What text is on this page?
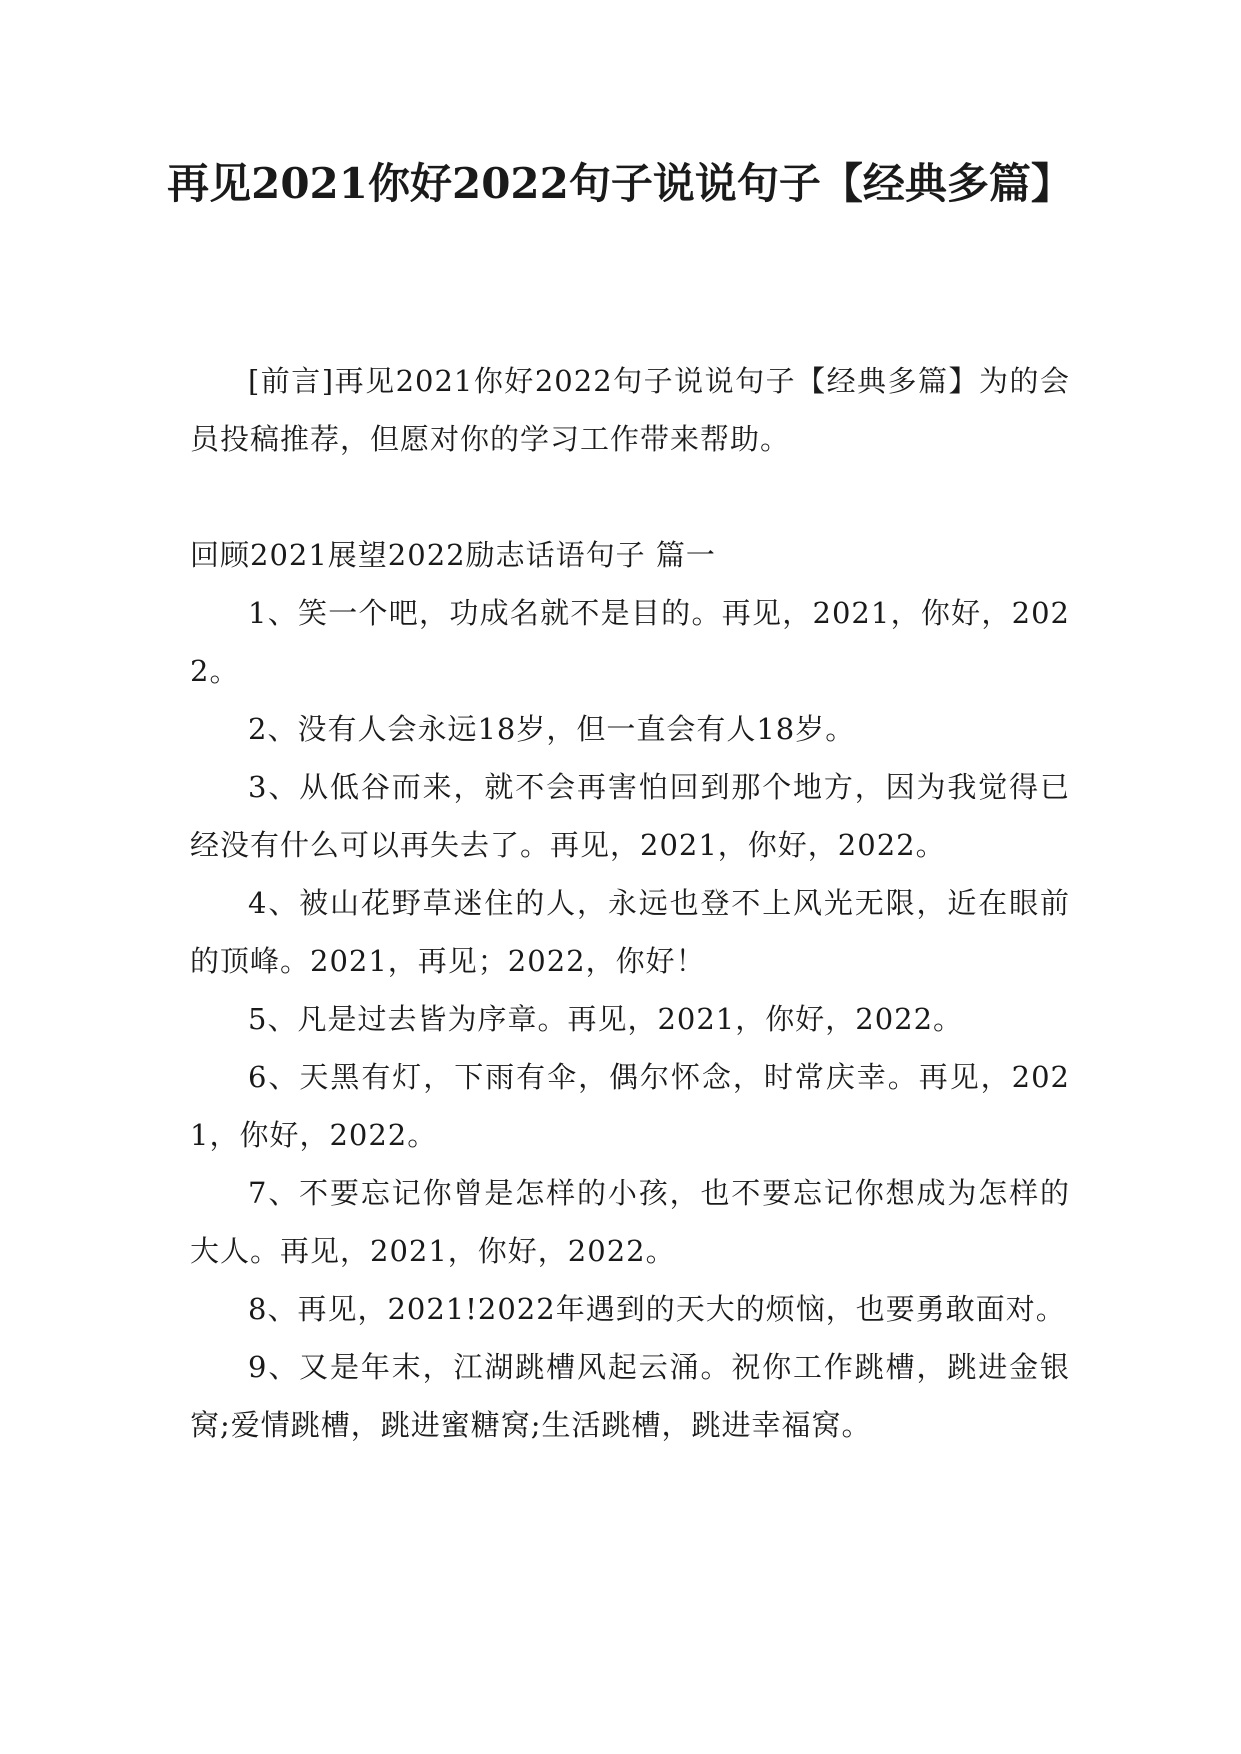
再见2021你好2022句子说说句子【经典多篇】

[前言]再见2021你好2022句子说说句子【经典多篇】为的会员投稿推荐，但愿对你的学习工作带来帮助。

回顾2021展望2022励志话语句子 篇一

1、笑一个吧，功成名就不是目的。再见，2021，你好，2022。

2、没有人会永远18岁，但一直会有人18岁。

3、从低谷而来，就不会再害怕回到那个地方，因为我觉得已经没有什么可以再失去了。再见，2021，你好，2022。

4、被山花野草迷住的人，永远也登不上风光无限，近在眼前的顶峰。2021，再见；2022，你好！

5、凡是过去皆为序章。再见，2021，你好，2022。

6、天黑有灯，下雨有伞，偶尔怀念，时常庆幸。再见，2021，你好，2022。

7、不要忘记你曾是怎样的小孩，也不要忘记你想成为怎样的大人。再见，2021，你好，2022。

8、再见，2021!2022年遇到的天大的烦恼，也要勇敢面对。

9、又是年末，江湖跳槽风起云涌。祝你工作跳槽，跳进金银窝;爱情跳槽，跳进蜜糖窝;生活跳槽，跳进幸福窝。
